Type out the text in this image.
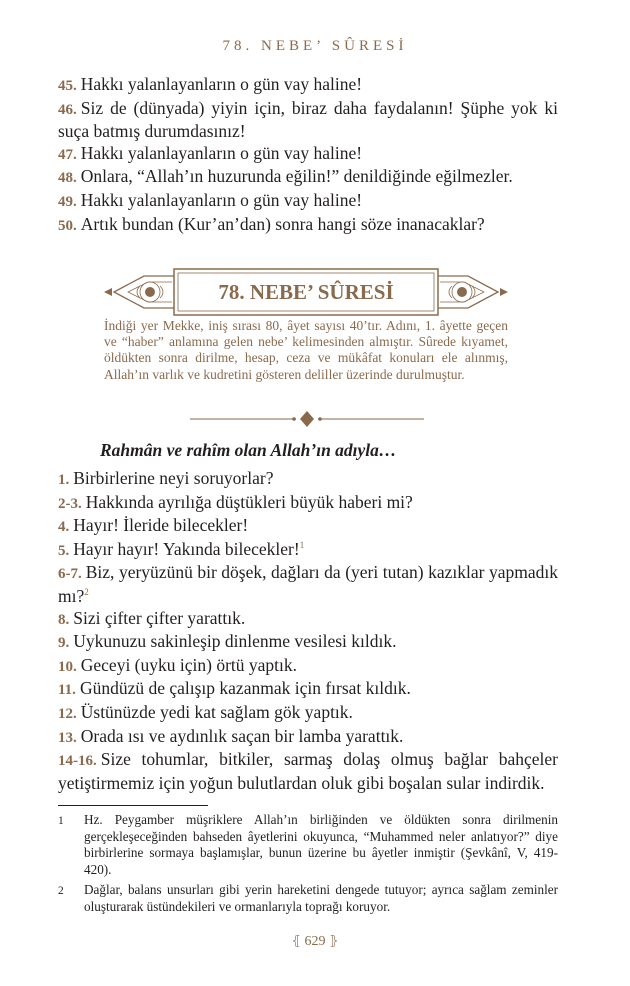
78. NEBE’ SÛRESİ

45. Hakkı yalanlayanların o gün vay haline!

46. Siz de (dünyada) yiyin için, biraz daha faydalanın! Şüphe yok ki suça batmış durumdasınız!

47. Hakkı yalanlayanların o gün vay haline!

48. Onlara, “Allah’ın huzurunda eğilin!” denildiğinde eğilmezler.

49. Hakkı yalanlayanların o gün vay haline!

50. Artık bundan (Kur’an’dan) sonra hangi söze inanacaklar?

78. NEBE’ SÛRESİ

İndiği yer Mekke, iniş sırası 80, âyet sayısı 40’tır. Adını, 1. âyette geçen ve “haber” anlamına gelen nebe’ kelimesinden almıştır. Sûrede kıyamet, öldükten sonra dirilme, hesap, ceza ve mükâfat konuları ele alınmış, Allah’ın varlık ve kudretini gösteren deliller üzerinde durulmuştur.

Rahmân ve rahîm olan Allah’ın adıyla…

1. Birbirlerine neyi soruyorlar?

2-3. Hakkında ayrılığa düştükleri büyük haberi mi?

4. Hayır! İleride bilecekler!

5. Hayır hayır! Yakında bilecekler!$^1$

6-7. Biz, yeryüzünü bir döşek, dağları da (yeri tutan) kazıklar yapmadık mı?$^2$

8. Sizi çifter çifter yarattık.

9. Uykunuzu sakinleşip dinlenme vesilesi kıldık.

10. Geceyi (uyku için) örtü yaptık.

11. Gündüzü de çalışıp kazanmak için fırsat kıldık.

12. Üstünüzde yedi kat sağlam gök yaptık.

13. Orada ısı ve aydınlık saçan bir lamba yarattık.

14-16. Size tohumlar, bitkiler, sarmaş dolaş olmuş bağlar bahçeler yetiştirmemiz için yoğun bulutlardan oluk gibi boşalan sular indirdik.

1	Hz. Peygamber müşriklere Allah’ın birliğinden ve öldükten sonra dirilmenin gerçekleşeceğinden bahseden âyetlerini okuyunca, “Muhammed neler anlatıyor?” diye birbirlerine sormaya başlamışlar, bunun üzerine bu âyetler inmiştir (Şevkânî, V, 419-420).
2	Dağlar, balans unsurları gibi yerin hareketini dengede tutuyor; ayrıca sağlam zeminler oluşturarak üstündekileri ve ormanlarıyla toprağı koruyor.
⦃ 629 ⦄
